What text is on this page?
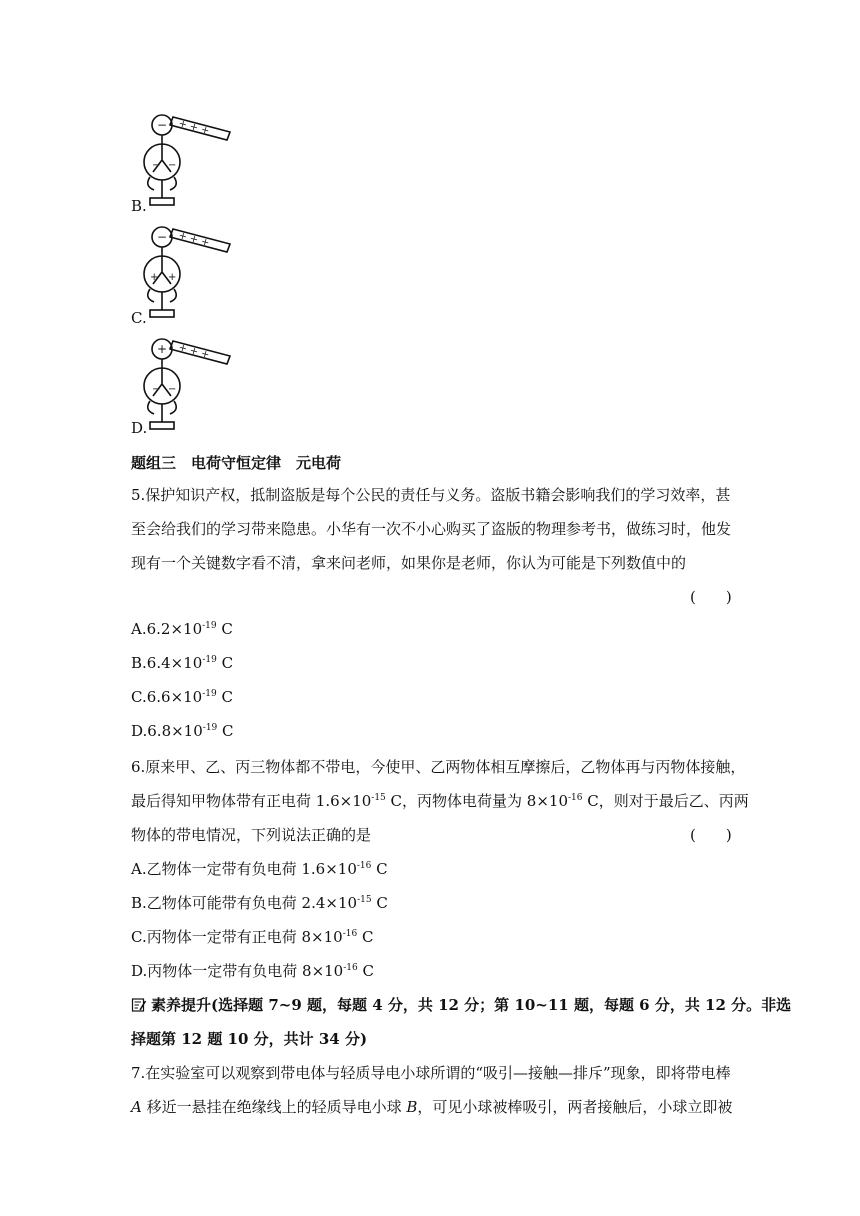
−
− −
+ + +
B.
−
+ +
+ + +
C.
+
− −
+ + +
D.
题组三　电荷守恒定律　元电荷
5.保护知识产权，抵制盗版是每个公民的责任与义务。盗版书籍会影响我们的学习效率，甚
至会给我们的学习带来隐患。小华有一次不小心购买了盗版的物理参考书，做练习时，他发
现有一个关键数字看不清，拿来问老师，如果你是老师，你认为可能是下列数值中的
(　　)
$A.6.2\times 10^{-19}$ C
$B.6.4\times 10^{-19}$ C
$C.6.6\times 10^{-19}$ C
$D.6.8\times 10^{-19}$ C
6.原来甲、乙、丙三物体都不带电，今使甲、乙两物体相互摩擦后，乙物体再与丙物体接触，
最后得知甲物体带有正电荷 $1.6\times 10^{-15}$ C，丙物体电荷量为 $8\times 10^{-16}$ C，则对于最后乙、丙两
物体的带电情况，下列说法正确的是	(　　)
A.乙物体一定带有负电荷 $1.6\times 10^{-16}$ C
B.乙物体可能带有负电荷 $2.4\times 10^{-15}$ C
C.丙物体一定带有正电荷 $8\times 10^{-16}$ C
D.丙物体一定带有负电荷 $8\times 10^{-16}$ C
素养提升(选择题 7~9 题，每题 4 分，共 12 分；第 10~11 题，每题 6 分，共 12 分。非选
择题第 12 题 10 分，共计 34 分)
7.在实验室可以观察到带电体与轻质导电小球所谓的“吸引—接触—排斥”现象，即将带电棒
A 移近一悬挂在绝缘线上的轻质导电小球 B，可见小球被棒吸引，两者接触后，小球立即被
